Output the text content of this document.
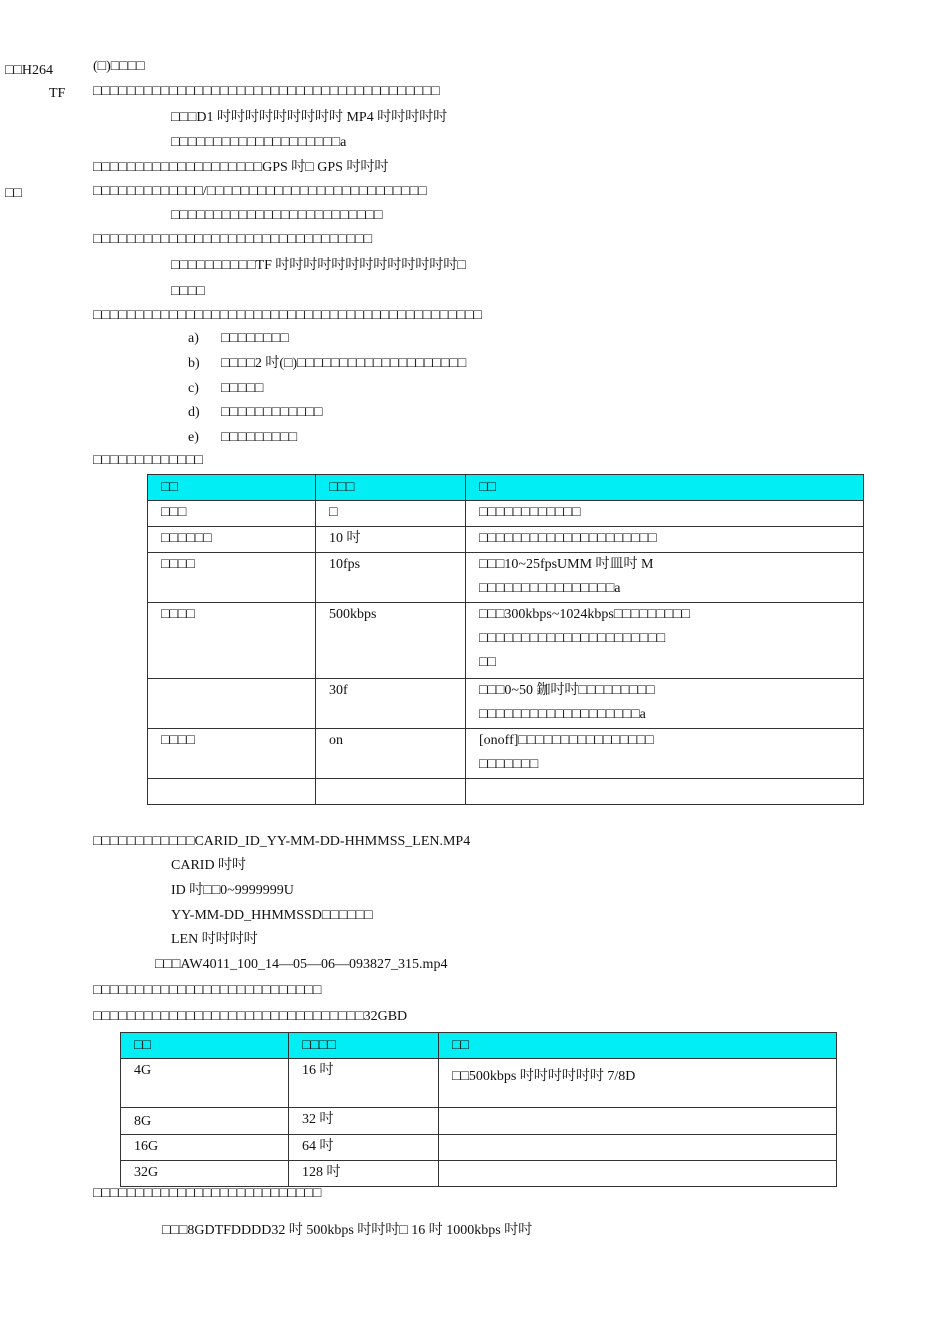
□□H264
TF
□□
(□)□□□□
□□□□□□□□□□□□□□□□□□□□□□□□□□□□□□□□□□□□□□□□□
□□□D1 吋吋吋吋吋吋吋吋吋 MP4 吋吋吋吋吋
□□□□□□□□□□□□□□□□□□□□a
□□□□□□□□□□□□□□□□□□□□GPS 吋□ GPS 吋吋吋
□□□□□□□□□□□□□/□□□□□□□□□□□□□□□□□□□□□□□□□□
□□□□□□□□□□□□□□□□□□□□□□□□□
□□□□□□□□□□□□□□□□□□□□□□□□□□□□□□□□□
□□□□□□□□□□TF 吋吋吋吋吋吋吋吋吋吋吋吋吋□
□□□□
□□□□□□□□□□□□□□□□□□□□□□□□□□□□□□□□□□□□□□□□□□□□□□
a) □□□□□□□□
b) □□□□2 吋(□)□□□□□□□□□□□□□□□□□□□□
c) □□□□□
d) □□□□□□□□□□□□
e) □□□□□□□□□
□□□□□□□□□□□□□
□□	□□□	□□
□□□	□	□□□□□□□□□□□□

□□□□□□	10 吋	□□□□□□□□□□□□□□□□□□□□□

□□□□	10fps	□□□10~25fpsUMM 吋皿吋 M
□□□□□□□□□□□□□□□□a

□□□□	500kbps	□□□300kbps~1024kbps□□□□□□□□□
□□□□□□□□□□□□□□□□□□□□□□
□□

	30f	□□□0~50 鉫吋吋□□□□□□□□□
□□□□□□□□□□□□□□□□□□□a

□□□□	on	[onoff]□□□□□□□□□□□□□□□□
□□□□□□□

□□□□□□□□□□□□CARID_ID_YY-MM-DD-HHMMSS_LEN.MP4
CARID 吋吋
ID 吋□□0~9999999U
YY-MM-DD_HHMMSSD□□□□□□
LEN 吋吋吋吋
□□□AW4011_100_14—05—06—093827_315.mp4
□□□□□□□□□□□□□□□□□□□□□□□□□□□
□□□□□□□□□□□□□□□□□□□□□□□□□□□□□□□□32GBD
□□	□□□□	□□
4G	16 吋	□□500kbps 吋吋吋吋吋吋 7/8D
8G	32 吋	
16G	64 吋	
32G	128 吋	
□□□□□□□□□□□□□□□□□□□□□□□□□□□
□□□8GDTFDDDD32 吋 500kbps 吋吋吋□ 16 吋 1000kbps 吋吋
